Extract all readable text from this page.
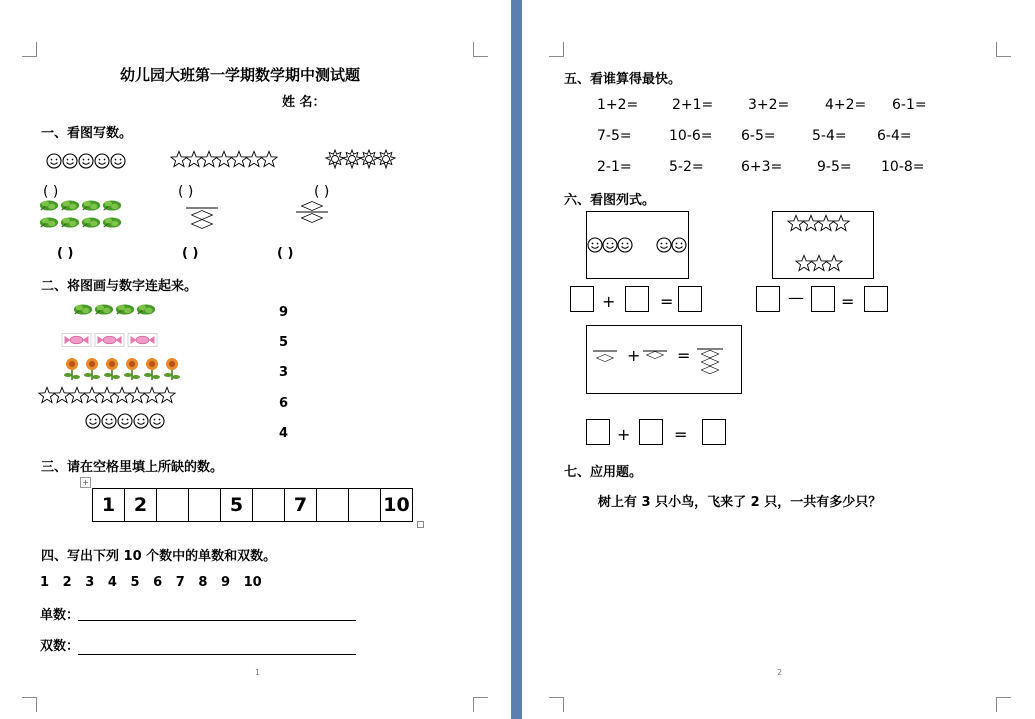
幼儿园大班第一学期数学期中测试题
姓 名：
一、看图写数。
( )	( )	( )
( )	( )	( )
二、将图画与数字连起来。
9
5
3
6
4
三、请在空格里填上所缺的数。
+
1	2			5		7			10
四、写出下列 10 个数中的单数和双数。
1   2   3   4   5   6   7   8   9   10
单数：
双数：
1
五、看谁算得最快。
1+2= 2+1= 3+2=	4+2= 6-1=
7-5=	10-6= 6-5=	5-4= 6-4=
2-1=	5-2=	6+3= 9-5= 10-8=
六、看图列式。
+	=	— =
+ =
+	=
七、应用题。
树上有 3 只小鸟，飞来了 2 只，一共有多少只？
2
